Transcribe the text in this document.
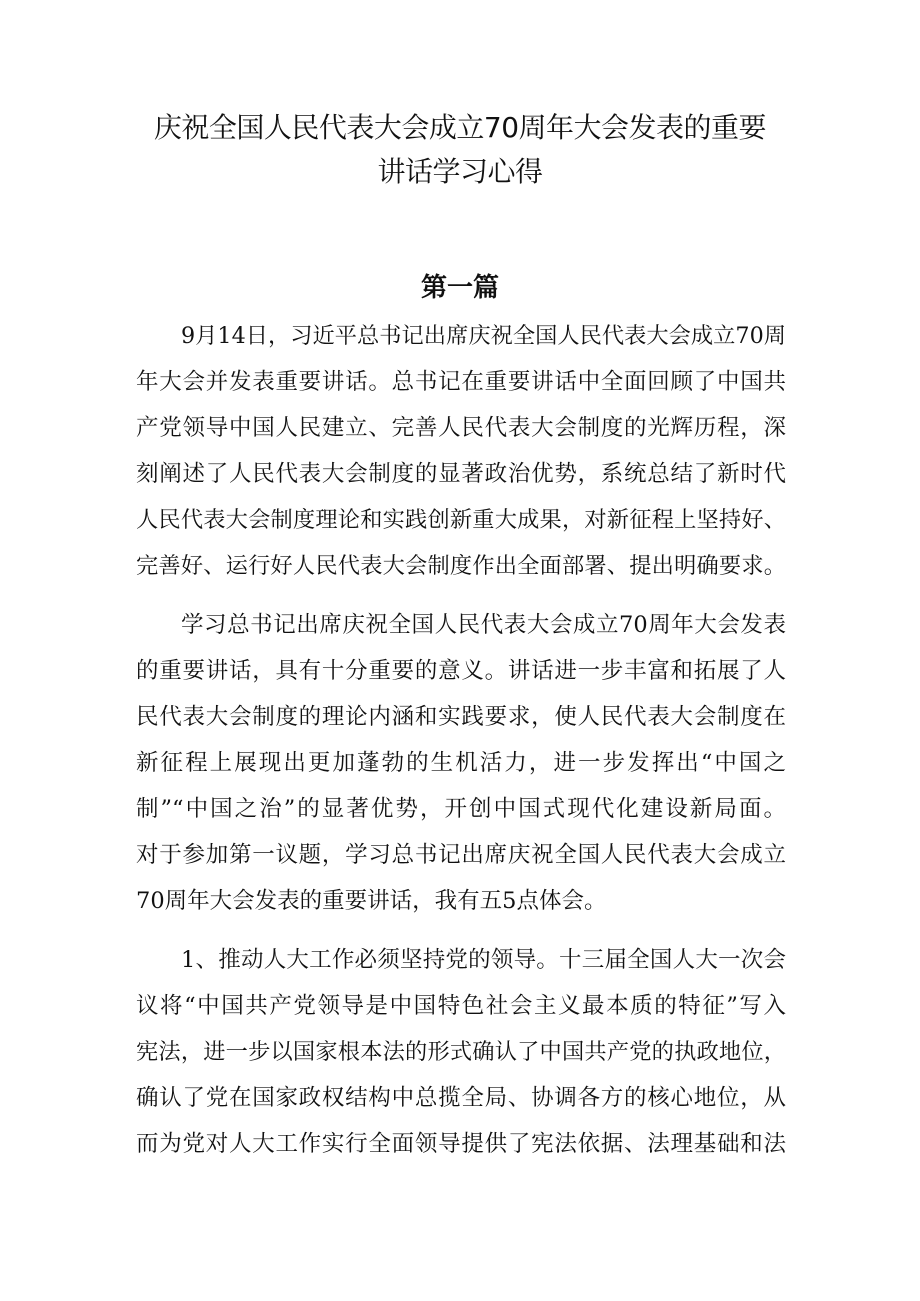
庆祝全国人民代表大会成立70周年大会发表的重要
讲话学习心得
第一篇
9月14日，习近平总书记出席庆祝全国人民代表大会成立70周
年大会并发表重要讲话。总书记在重要讲话中全面回顾了中国共
产党领导中国人民建立、完善人民代表大会制度的光辉历程，深
刻阐述了人民代表大会制度的显著政治优势，系统总结了新时代
人民代表大会制度理论和实践创新重大成果，对新征程上坚持好、
完善好、运行好人民代表大会制度作出全面部署、提出明确要求。
学习总书记出席庆祝全国人民代表大会成立70周年大会发表
的重要讲话，具有十分重要的意义。讲话进一步丰富和拓展了人
民代表大会制度的理论内涵和实践要求，使人民代表大会制度在
新征程上展现出更加蓬勃的生机活力，进一步发挥出“中国之
制”“中国之治”的显著优势，开创中国式现代化建设新局面。
对于参加第一议题，学习总书记出席庆祝全国人民代表大会成立
70周年大会发表的重要讲话，我有五5点体会。
1、推动人大工作必须坚持党的领导。十三届全国人大一次会
议将“中国共产党领导是中国特色社会主义最本质的特征”写入
宪法，进一步以国家根本法的形式确认了中国共产党的执政地位，
确认了党在国家政权结构中总揽全局、协调各方的核心地位，从
而为党对人大工作实行全面领导提供了宪法依据、法理基础和法
